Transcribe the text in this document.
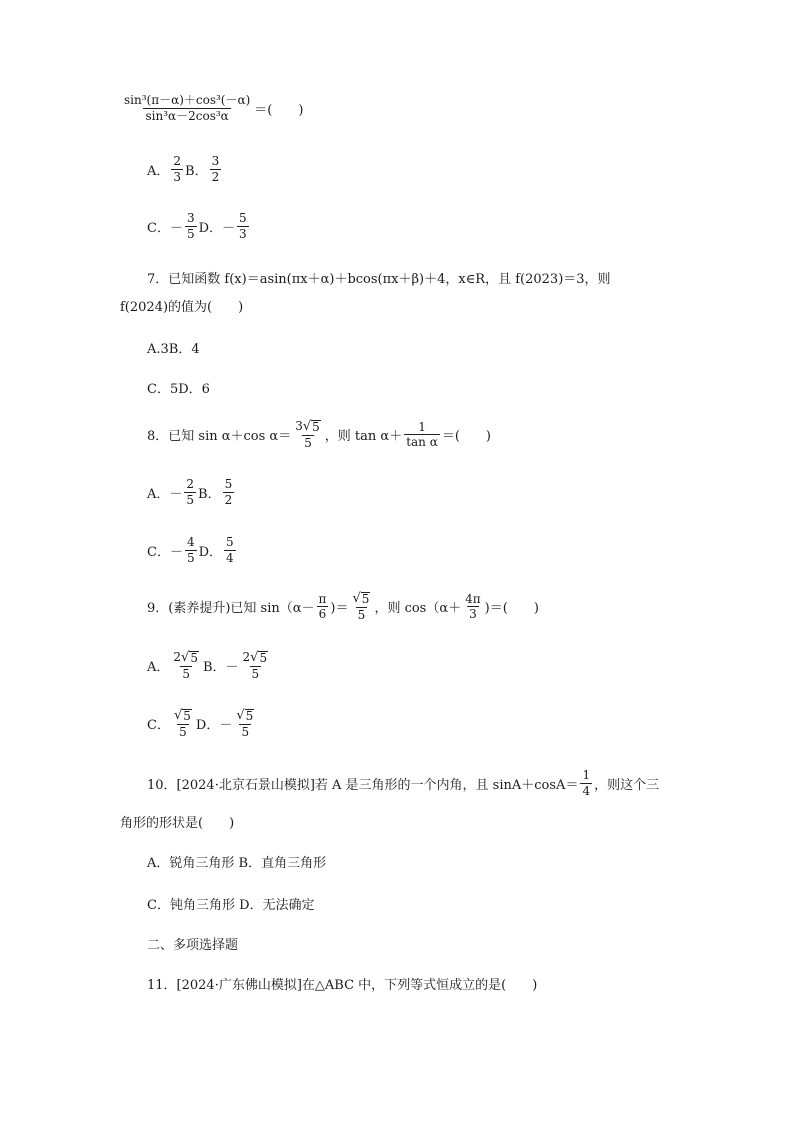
$\frac{\text{sin³(π－α)＋cos³(－α)}}{\text{sin³α－2cos³α}}$ ＝(　　)
A． $\frac{2}{3}$ B． $\frac{3}{2}$
C．－ $\frac{3}{5}$ D．－ $\frac{5}{3}$
7．已知函数 f(x)＝asin(πx＋α)＋bcos(πx＋β)＋4，x∈R，且 f(2023)＝3，则
f(2024)的值为(　　)
A.3B．4
C．5D．6
8．已知 sin α＋cos $\alpha= \frac{3 √ 5}{5}$ ，则 $\tan \alpha+ \frac{1}{\text{tan α}}$ ＝(　　)
A．－ $\frac{2}{5}$ B． $\frac{5}{2}$
C．－ $\frac{4}{5}$ D． $\frac{5}{4}$
9．(素养提升)已知 $\sin(\alpha- \frac{\pi}{6}$ )＝ $\frac{√ 5}{5}$ ，则 $\cos(\alpha+ \frac{4\pi}{3}$ )＝(　　)
A． $\frac{2 √ 5}{5}$ B．－ $\frac{2 √ 5}{5}$
C． $\frac{√ 5}{5}$ D．－ $\frac{√ 5}{5}$
10．[2024·北京石景山模拟]若 A 是三角形的一个内角，且 $\sin A+\cos A= \frac{1}{4}$ ，则这个三
角形的形状是(　　)
A．锐角三角形 B．直角三角形
C．钝角三角形 D．无法确定
二、多项选择题
11．[2024·广东佛山模拟]在△ABC 中，下列等式恒成立的是(　　)
